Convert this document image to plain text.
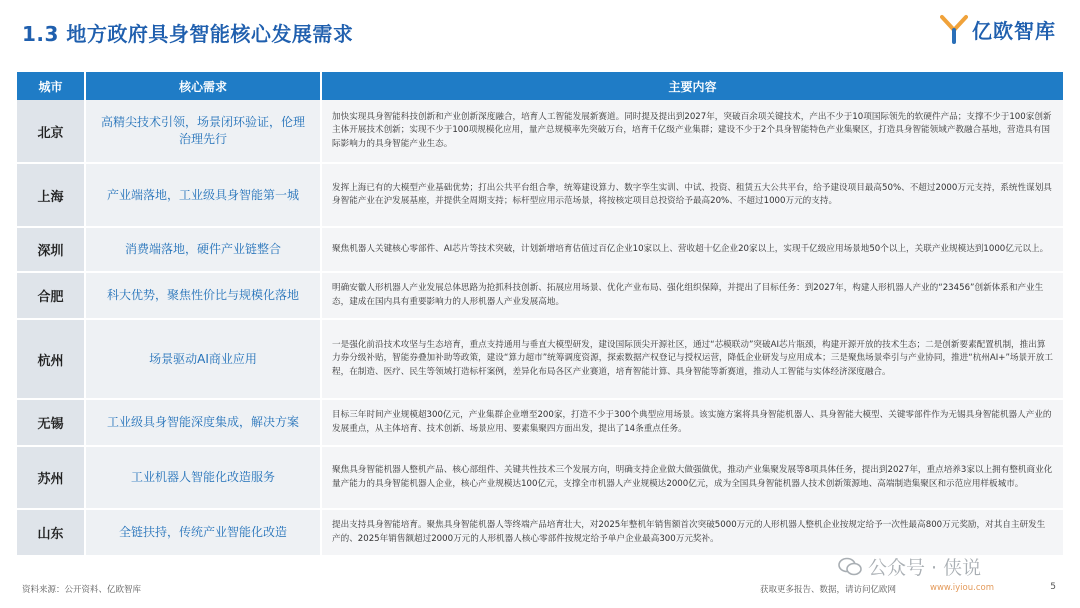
1.3 地方政府具身智能核心发展需求	亿欧智库
城市	核心需求	主要内容
北京	高精尖技术引领，场景闭环验证，伦理治理先行	加快实现具身智能科技创新和产业创新深度融合，培育人工智能发展新赛道。同时提及提出到2027年，突破百余项关键技术，产出不少于10项国际领先的软硬件产品；支撑不少于100家创新主体开展技术创新；实现不少于100项规模化应用，量产总规模率先突破万台，培育千亿级产业集群；建设不少于2个具身智能特色产业集聚区，打造具身智能领域产教融合基地，营造具有国际影响力的具身智能产业生态。
上海	产业端落地，工业级具身智能第一城	发挥上海已有的大模型产业基础优势；打出公共平台组合拳，统筹建设算力、数字孪生实训、中试、投资、租赁五大公共平台，给予建设项目最高50%、不超过2000万元支持，系统性谋划具身智能产业在沪发展基座，并提供全周期支持；标杆型应用示范场景，将按核定项目总投资给予最高20%、不超过1000万元的支持。
深圳	消费端落地，硬件产业链整合	聚焦机器人关键核心零部件、AI芯片等技术突破，计划新增培育估值过百亿企业10家以上、营收超十亿企业20家以上，实现千亿级应用场景地50个以上，关联产业规模达到1000亿元以上。
合肥	科大优势，聚焦性价比与规模化落地	明确安徽人形机器人产业发展总体思路为抢抓科技创新、拓展应用场景、优化产业布局、强化组织保障，并提出了目标任务：到2027年，构建人形机器人产业的“23456”创新体系和产业生态，建成在国内具有重要影响力的人形机器人产业发展高地。
杭州	场景驱动AI商业应用	一是强化前沿技术攻坚与生态培育，重点支持通用与垂直大模型研发，建设国际顶尖开源社区，通过“芯模联动”突破AI芯片瓶颈，构建开源开放的技术生态；二是创新要素配置机制，推出算力券分级补贴，智能券叠加补助等政策，建设“算力超市”统筹调度资源，探索数据产权登记与授权运营，降低企业研发与应用成本；三是聚焦场景牵引与产业协同，推进“杭州AI+”场景开放工程，在制造、医疗、民生等领域打造标杆案例，差异化布局各区产业赛道，培育智能计算、具身智能等新赛道，推动人工智能与实体经济深度融合。
无锡	工业级具身智能深度集成，解决方案	目标三年时间产业规模超300亿元，产业集群企业增至200家，打造不少于300个典型应用场景。该实施方案将具身智能机器人、具身智能大模型、关键零部件作为无锡具身智能机器人产业的发展重点，从主体培育、技术创新、场景应用、要素集聚四方面出发，提出了14条重点任务。
苏州	工业机器人智能化改造服务	聚焦具身智能机器人整机产品、核心部组件、关键共性技术三个发展方向，明确支持企业做大做强做优，推动产业集聚发展等8项具体任务，提出到2027年，重点培养3家以上拥有整机商业化量产能力的具身智能机器人企业，核心产业规模达100亿元，支撑全市机器人产业规模达2000亿元，成为全国具身智能机器人技术创新策源地、高端制造集聚区和示范应用样板城市。
山东	全链扶持，传统产业智能化改造	提出支持具身智能培育。聚焦具身智能机器人等终端产品培育壮大，对2025年整机年销售额首次突破5000万元的人形机器人整机企业按规定给予一次性最高800万元奖励，对其自主研发生产的、2025年销售额超过2000万元的人形机器人核心零部件按规定给予单户企业最高300万元奖补。
公众号 · 侠说
资料来源：公开资料、亿欧智库	获取更多报告、数据，请访问亿欧网	www.iyiou.com	5
